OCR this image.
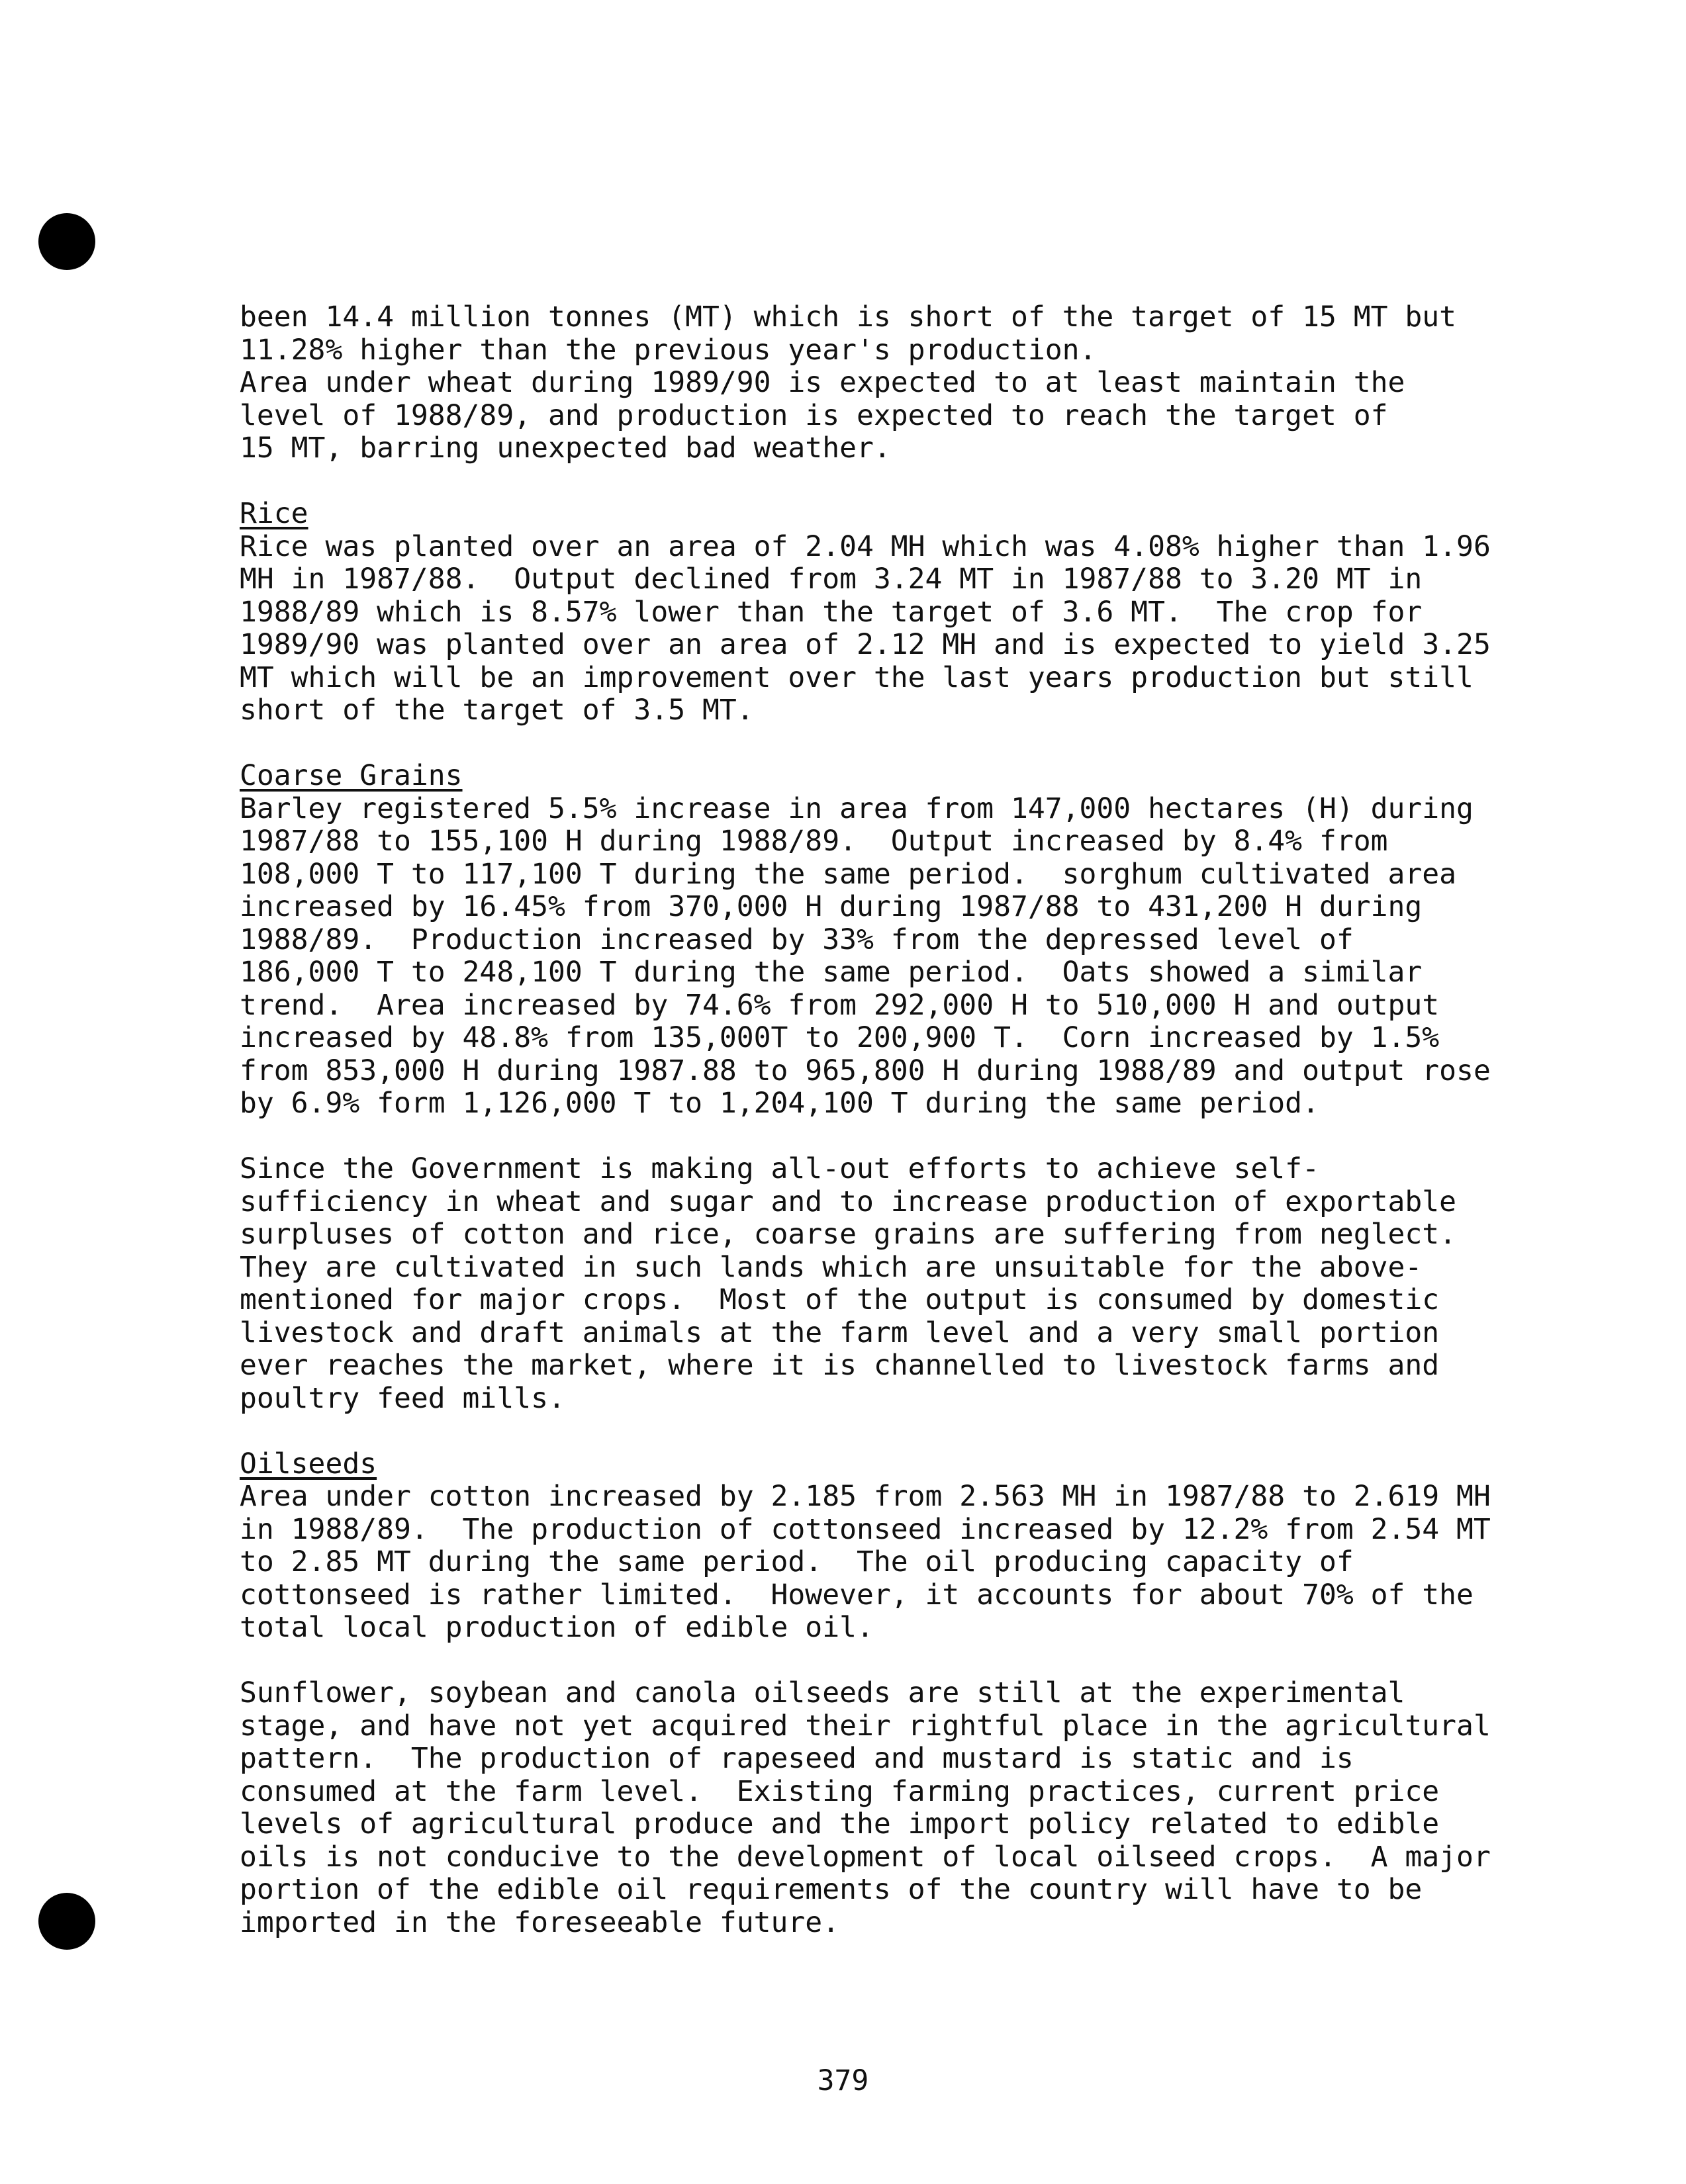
been 14.4 million tonnes (MT) which is short of the target of 15 MT but
11.28% higher than the previous year's production.
Area under wheat during 1989/90 is expected to at least maintain the
level of 1988/89, and production is expected to reach the target of
15 MT, barring unexpected bad weather.

Rice

Rice was planted over an area of 2.04 MH which was 4.08% higher than 1.96
MH in 1987/88.  Output declined from 3.24 MT in 1987/88 to 3.20 MT in
1988/89 which is 8.57% lower than the target of 3.6 MT.  The crop for
1989/90 was planted over an area of 2.12 MH and is expected to yield 3.25
MT which will be an improvement over the last years production but still
short of the target of 3.5 MT.

Coarse Grains

Barley registered 5.5% increase in area from 147,000 hectares (H) during
1987/88 to 155,100 H during 1988/89.  Output increased by 8.4% from
108,000 T to 117,100 T during the same period.  sorghum cultivated area
increased by 16.45% from 370,000 H during 1987/88 to 431,200 H during
1988/89.  Production increased by 33% from the depressed level of
186,000 T to 248,100 T during the same period.  Oats showed a similar
trend.  Area increased by 74.6% from 292,000 H to 510,000 H and output
increased by 48.8% from 135,000T to 200,900 T.  Corn increased by 1.5%
from 853,000 H during 1987.88 to 965,800 H during 1988/89 and output rose
by 6.9% form 1,126,000 T to 1,204,100 T during the same period.

Since the Government is making all-out efforts to achieve self-
sufficiency in wheat and sugar and to increase production of exportable
surpluses of cotton and rice, coarse grains are suffering from neglect.
They are cultivated in such lands which are unsuitable for the above-
mentioned for major crops.  Most of the output is consumed by domestic
livestock and draft animals at the farm level and a very small portion
ever reaches the market, where it is channelled to livestock farms and
poultry feed mills.

Oilseeds

Area under cotton increased by 2.185 from 2.563 MH in 1987/88 to 2.619 MH
in 1988/89.  The production of cottonseed increased by 12.2% from 2.54 MT
to 2.85 MT during the same period.  The oil producing capacity of
cottonseed is rather limited.  However, it accounts for about 70% of the
total local production of edible oil.

Sunflower, soybean and canola oilseeds are still at the experimental
stage, and have not yet acquired their rightful place in the agricultural
pattern.  The production of rapeseed and mustard is static and is
consumed at the farm level.  Existing farming practices, current price
levels of agricultural produce and the import policy related to edible
oils is not conducive to the development of local oilseed crops.  A major
portion of the edible oil requirements of the country will have to be
imported in the foreseeable future.

379
